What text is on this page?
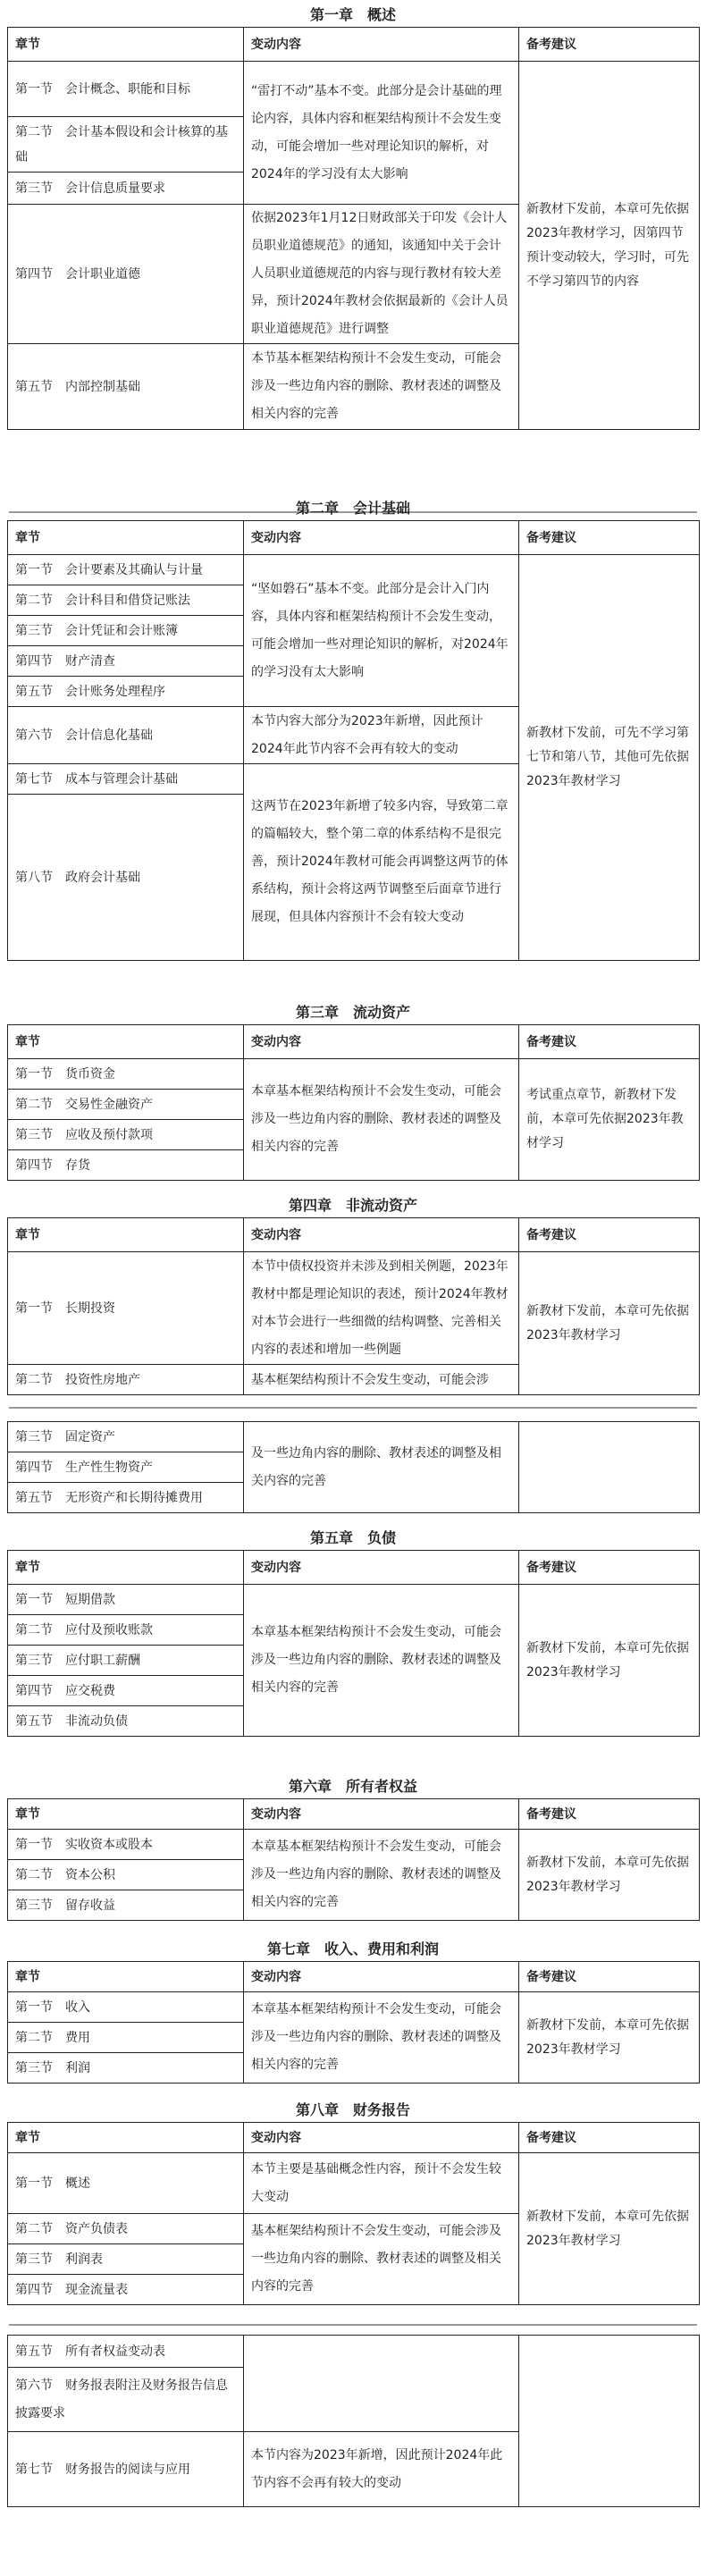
第一章　概述
章节	变动内容	备考建议
第一节　会计概念、职能和目标	“雷打不动”基本不变。此部分是会计基础的理论内容，具体内容和框架结构预计不会发生变动，可能会增加一些对理论知识的解析，对2024年的学习没有太大影响	新教材下发前，本章可先依据2023年教材学习，因第四节预计变动较大，学习时，可先不学习第四节的内容
第二节　会计基本假设和会计核算的基础		
第三节　会计信息质量要求		
第四节　会计职业道德	依据2023年1月12日财政部关于印发《会计人员职业道德规范》的通知，该通知中关于会计人员职业道德规范的内容与现行教材有较大差异，预计2024年教材会依据最新的《会计人员职业道德规范》进行调整	
第五节　内部控制基础	本节基本框架结构预计不会发生变动，可能会涉及一些边角内容的删除、教材表述的调整及相关内容的完善	
第二章　会计基础
章节	变动内容	备考建议
第一节　会计要素及其确认与计量	“坚如磐石”基本不变。此部分是会计入门内容，具体内容和框架结构预计不会发生变动，可能会增加一些对理论知识的解析，对2024年的学习没有太大影响	新教材下发前，可先不学习第七节和第八节，其他可先依据2023年教材学习
第二节　会计科目和借贷记账法		
第三节　会计凭证和会计账簿		
第四节　财产清查		
第五节　会计账务处理程序		
第六节　会计信息化基础	本节内容大部分为2023年新增，因此预计2024年此节内容不会再有较大的变动	
第七节　成本与管理会计基础	这两节在2023年新增了较多内容，导致第二章的篇幅较大，整个第二章的体系结构不是很完善，预计2024年教材可能会再调整这两节的体系结构，预计会将这两节调整至后面章节进行展现，但具体内容预计不会有较大变动	
第八节　政府会计基础		
第三章　流动资产
章节	变动内容	备考建议
第一节　货币资金	本章基本框架结构预计不会发生变动，可能会涉及一些边角内容的删除、教材表述的调整及相关内容的完善	考试重点章节，新教材下发前，本章可先依据2023年教材学习
第二节　交易性金融资产		
第三节　应收及预付款项		
第四节　存货		
第四章　非流动资产
章节	变动内容	备考建议
第一节　长期投资	本节中债权投资并未涉及到相关例题，2023年教材中都是理论知识的表述，预计2024年教材对本节会进行一些细微的结构调整、完善相关内容的表述和增加一些例题	新教材下发前，本章可先依据2023年教材学习
第二节　投资性房地产	基本框架结构预计不会发生变动，可能会涉	
第三节　固定资产	及一些边角内容的删除、教材表述的调整及相关内容的完善	
第四节　生产性生物资产
第五节　无形资产和长期待摊费用
第五章　负债
章节	变动内容	备考建议
第一节　短期借款	本章基本框架结构预计不会发生变动，可能会涉及一些边角内容的删除、教材表述的调整及相关内容的完善	新教材下发前，本章可先依据2023年教材学习
第二节　应付及预收账款		
第三节　应付职工薪酬		
第四节　应交税费		
第五节　非流动负债		
第六章　所有者权益
章节	变动内容	备考建议
第一节　实收资本或股本	本章基本框架结构预计不会发生变动，可能会涉及一些边角内容的删除、教材表述的调整及相关内容的完善	新教材下发前，本章可先依据2023年教材学习
第二节　资本公积		
第三节　留存收益		
第七章　收入、费用和利润
章节	变动内容	备考建议
第一节　收入	本章基本框架结构预计不会发生变动，可能会涉及一些边角内容的删除、教材表述的调整及相关内容的完善	新教材下发前，本章可先依据2023年教材学习
第二节　费用		
第三节　利润		
第八章　财务报告
章节	变动内容	备考建议
第一节　概述	本节主要是基础概念性内容，预计不会发生较大变动	新教材下发前，本章可先依据2023年教材学习
第二节　资产负债表	基本框架结构预计不会发生变动，可能会涉及一些边角内容的删除、教材表述的调整及相关内容的完善	
第三节　利润表		
第四节　现金流量表		
第五节　所有者权益变动表		
第六节　财务报表附注及财务报告信息披露要求		
第七节　财务报告的阅读与应用	本节内容为2023年新增，因此预计2024年此节内容不会再有较大的变动	
